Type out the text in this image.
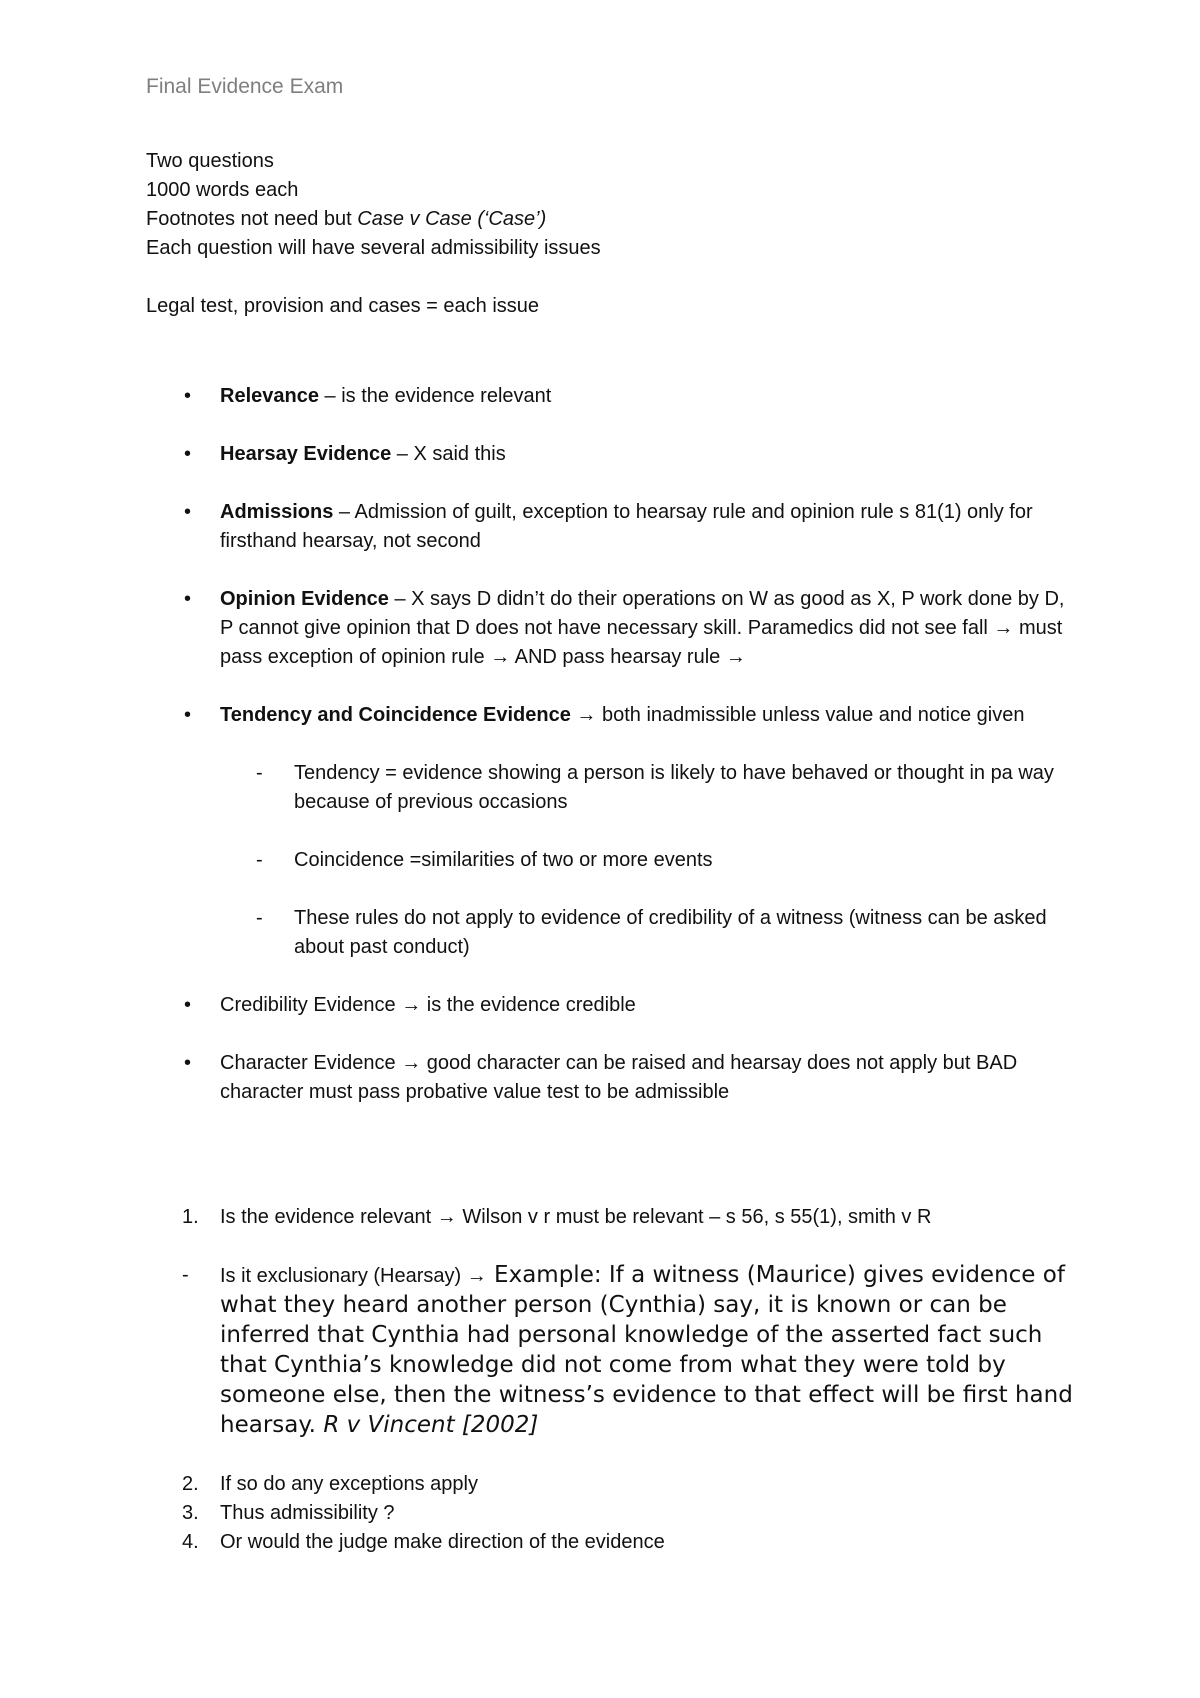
Final Evidence Exam
Two questions
1000 words each
Footnotes not need but Case v Case (‘Case’)
Each question will have several admissibility issues
Legal test, provision and cases = each issue
• Relevance – is the evidence relevant
• Hearsay Evidence – X said this
• Admissions – Admission of guilt, exception to hearsay rule and opinion rule s 81(1) only for firsthand hearsay, not second
• Opinion Evidence – X says D didn’t do their operations on W as good as X, P work done by D, P cannot give opinion that D does not have necessary skill. Paramedics did not see fall → must pass exception of opinion rule → AND pass hearsay rule →
• Tendency and Coincidence Evidence → both inadmissible unless value and notice given
- Tendency = evidence showing a person is likely to have behaved or thought in pa way because of previous occasions
- Coincidence =similarities of two or more events
- These rules do not apply to evidence of credibility of a witness (witness can be asked about past conduct)
• Credibility Evidence → is the evidence credible
• Character Evidence → good character can be raised and hearsay does not apply but BAD character must pass probative value test to be admissible
1. Is the evidence relevant → Wilson v r must be relevant – s 56, s 55(1), smith v R
- Is it exclusionary (Hearsay) → Example: If a witness (Maurice) gives evidence of what they heard another person (Cynthia) say, it is known or can be inferred that Cynthia had personal knowledge of the asserted fact such that Cynthia’s knowledge did not come from what they were told by someone else, then the witness’s evidence to that effect will be first hand hearsay. R v Vincent [2002]
2. If so do any exceptions apply
3. Thus admissibility ?
4. Or would the judge make direction of the evidence
